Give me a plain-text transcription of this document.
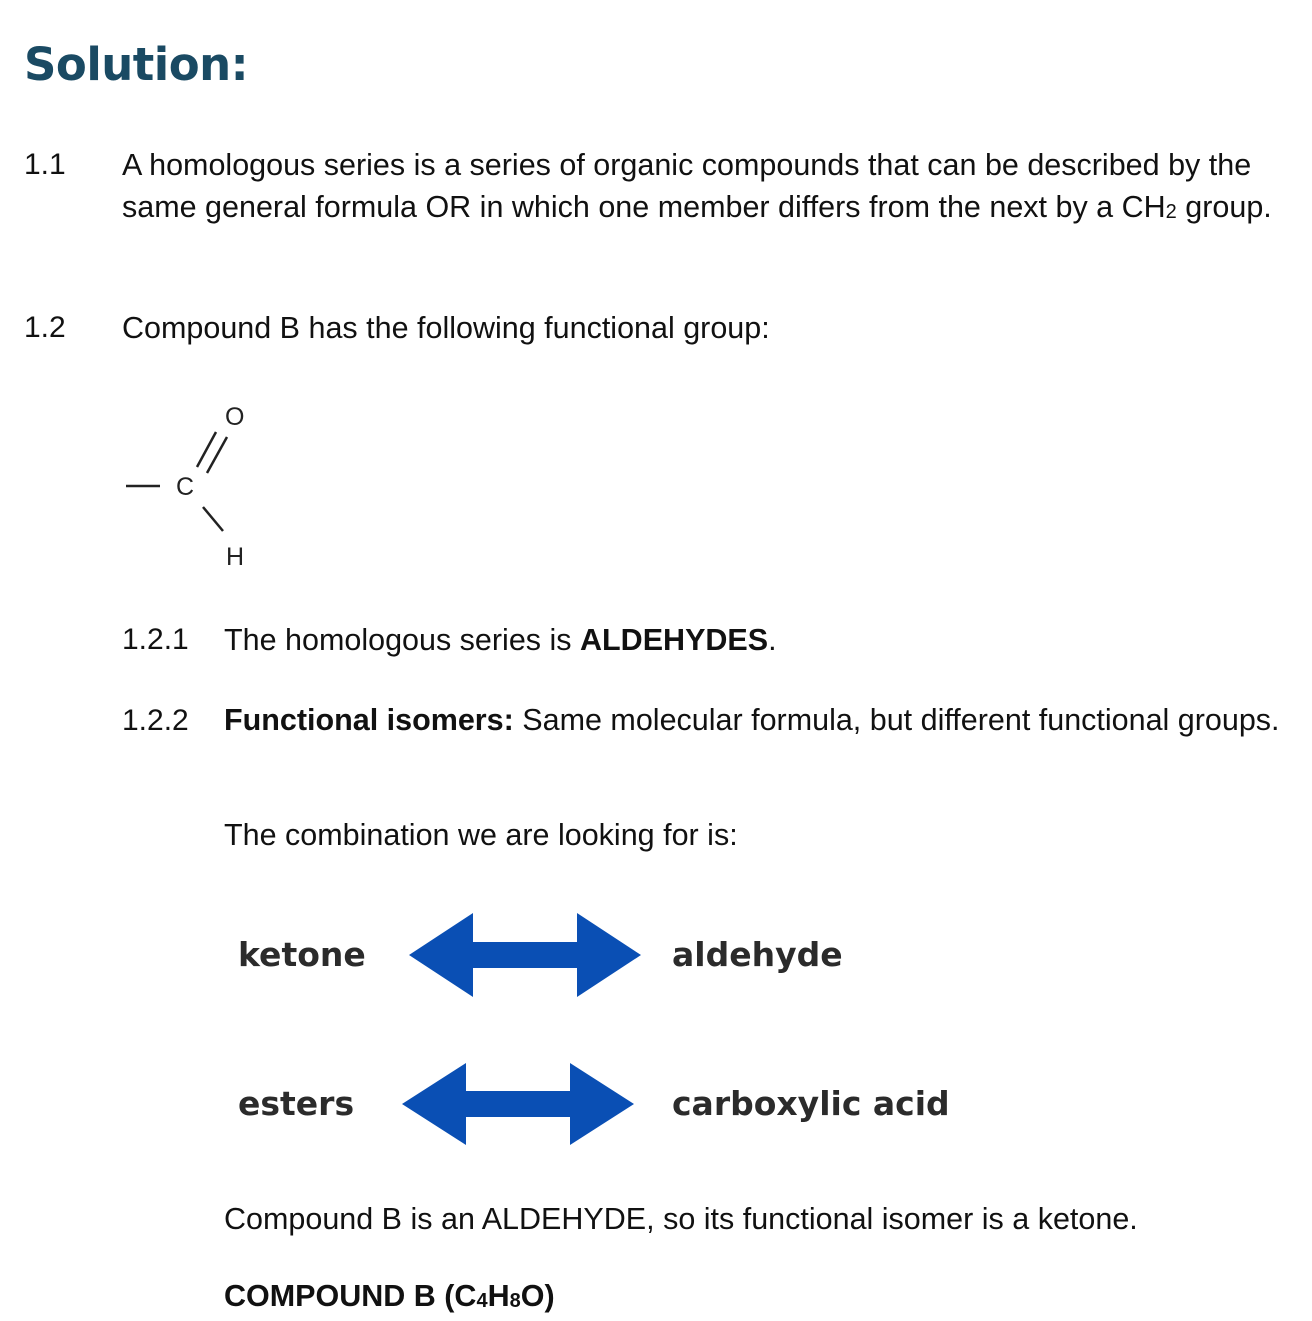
Solution:
1.1 A homologous series is a series of organic compounds that can be described by the same general formula OR in which one member differs from the next by a CH2 group.
1.2 Compound B has the following functional group:
C
O
H
1.2.1 The homologous series is ALDEHYDES.
1.2.2 Functional isomers: Same molecular formula, but different functional groups.
The combination we are looking for is:
ketone	aldehyde
esters	carboxylic acid
Compound B is an ALDEHYDE, so its functional isomer is a ketone.
COMPOUND B (C4H8O)
